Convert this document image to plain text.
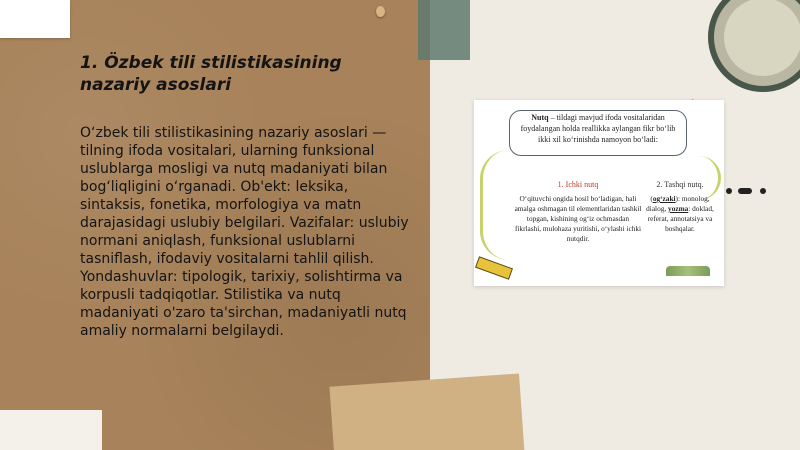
1. Özbek tili stilistikasining nazariy asoslari

O‘zbek tili stilistikasining nazariy asoslari — tilning ifoda vositalari, ularning funksional uslublarga mosligi va nutq madaniyati bilan bog‘liqligini o‘rganadi. Ob'ekt: leksika, sintaksis, fonetika, morfologiya va matn darajasidagi uslubiy belgilari. Vazifalar: uslubiy normani aniqlash, funksional uslublarni tasniflash, ifodaviy vositalarni tahlil qilish. Yondashuvlar: tipologik, tarixiy, solishtirma va korpusli tadqiqotlar. Stilistika va nutq madaniyati o'zaro ta'sirchan, madaniyatli nutq amaliy normalarni belgilaydi.

Nutq – tildagi mavjud ifoda vositalaridan foydalangan holda reallikka aylangan fikr bo‘lib ikki xil ko‘rinishda namoyon bo‘ladi:

1. Ichki nutq

O‘qituvchi ongida hosil bo‘ladigan, hali amalga oshmagan til elementlaridan tashkil topgan, kishining og‘iz ochmasdan fikrlashi, mulohaza yuritishi, o‘ylashi ichki nutqdir.

2. Tashqi nutq.

(og‘zaki): monolog, dialog, yozma: doklad, referat, annotatsiya va boshqalar.
